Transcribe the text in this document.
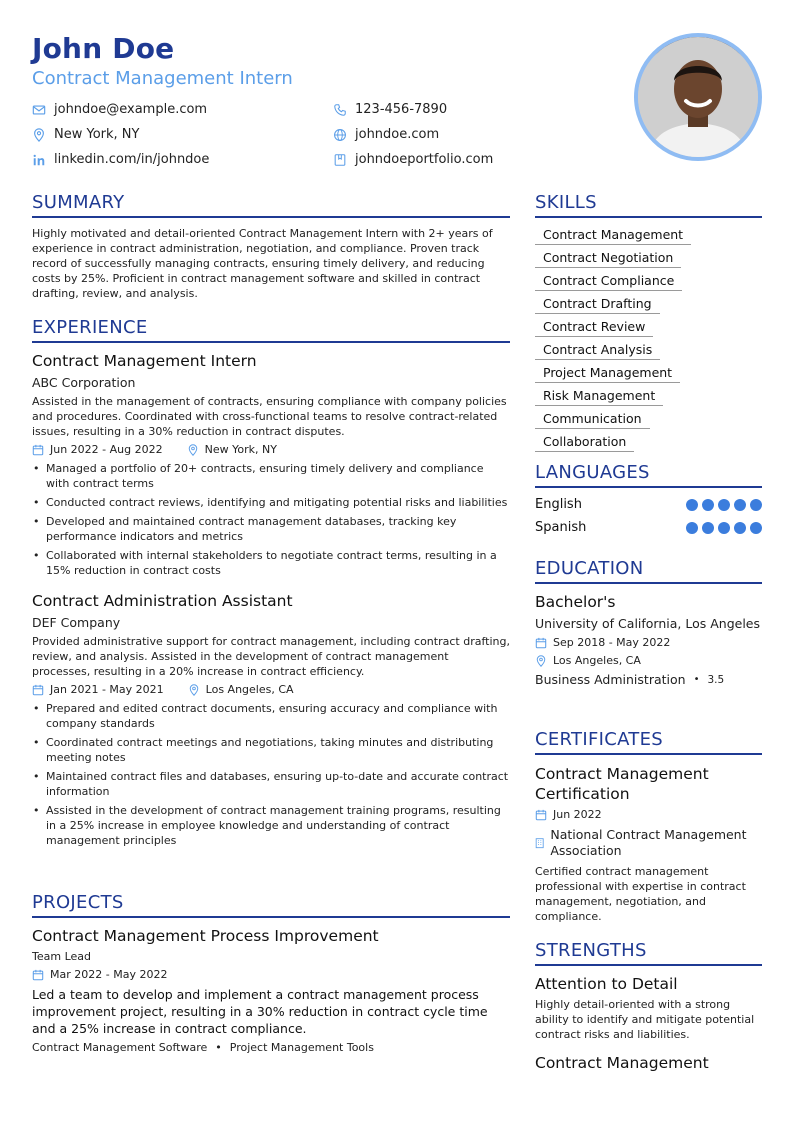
John Doe
Contract Management Intern
johndoe@example.com	123-456-7890
New York, NY	johndoe.com
linkedin.com/in/johndoe	johndoeportfolio.com
SUMMARY
Highly motivated and detail-oriented Contract Management Intern with 2+ years of experience in contract administration, negotiation, and compliance. Proven track record of successfully managing contracts, ensuring timely delivery, and reducing costs by 25%. Proficient in contract management software and skilled in contract drafting, review, and analysis.
EXPERIENCE
Contract Management Intern
ABC Corporation
Assisted in the management of contracts, ensuring compliance with company policies and procedures. Coordinated with cross-functional teams to resolve contract-related issues, resulting in a 30% reduction in contract disputes.
Jun 2022 - Aug 2022	New York, NY
• Managed a portfolio of 20+ contracts, ensuring timely delivery and compliance with contract terms
• Conducted contract reviews, identifying and mitigating potential risks and liabilities
• Developed and maintained contract management databases, tracking key performance indicators and metrics
• Collaborated with internal stakeholders to negotiate contract terms, resulting in a 15% reduction in contract costs
Contract Administration Assistant
DEF Company
Provided administrative support for contract management, including contract drafting, review, and analysis. Assisted in the development of contract management processes, resulting in a 20% increase in contract efficiency.
Jan 2021 - May 2021	Los Angeles, CA
• Prepared and edited contract documents, ensuring accuracy and compliance with company standards
• Coordinated contract meetings and negotiations, taking minutes and distributing meeting notes
• Maintained contract files and databases, ensuring up-to-date and accurate contract information
• Assisted in the development of contract management training programs, resulting in a 25% increase in employee knowledge and understanding of contract management principles
PROJECTS
Contract Management Process Improvement
Team Lead
Mar 2022 - May 2022
Led a team to develop and implement a contract management process improvement project, resulting in a 30% reduction in contract cycle time and a 25% increase in contract compliance.
Contract Management Software • Project Management Tools
SKILLS
Contract Management
Contract Negotiation
Contract Compliance
Contract Drafting
Contract Review
Contract Analysis
Project Management
Risk Management
Communication
Collaboration
LANGUAGES
English
Spanish
EDUCATION
Bachelor's
University of California, Los Angeles
Sep 2018 - May 2022
Los Angeles, CA
Business Administration • 3.5
CERTIFICATES
Contract Management Certification
Jun 2022
National Contract Management Association
Certified contract management professional with expertise in contract management, negotiation, and compliance.
STRENGTHS
Attention to Detail
Highly detail-oriented with a strong ability to identify and mitigate potential contract risks and liabilities.
Contract Management
